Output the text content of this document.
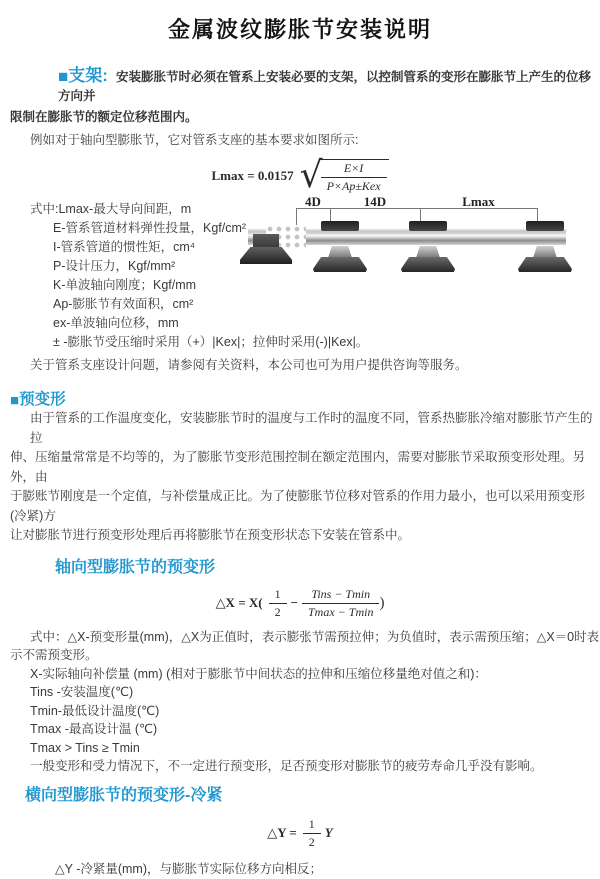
金属波纹膨胀节安装说明
■支架: 安装膨胀节时必须在管系上安装必要的支架，以控制管系的变形在膨胀节上产生的位移方向并
限制在膨胀节的额定位移范围内。
例如对于轴向型膨胀节，它对管系支座的基本要求如图所示:
Lmax = 0.0157 √
$\frac{E\times I}{\text{P×Ap±Kex}}$
式中:Lmax-最大导向间距，m
E-管系管道材料弹性投量，Kgf/cm²
I-管系管道的惯性矩，cm⁴
P-设计压力，Kgf/mm²
K-单波轴向刚度；Kgf/mm
Ap-膨胀节有效面积，cm²
ex-单波轴向位移，mm
± -膨胀节受压缩时采用（+）|Kex|；拉伸时采用(-)|Kex|。
关于管系支座设计问题，请参阅有关资料，本公司也可为用户提供咨询等服务。
4D	14D	Lmax
■预变形
由于管系的工作温度变化，安装膨胀节时的温度与工作时的温度不同，管系热膨胀冷缩对膨胀节产生的拉
伸、压缩量常常是不均等的，为了膨胀节变形范围控制在额定范围内，需要对膨胀节采取预变形处理。另外，由
于膨账节刚度是一个定值，与补偿量成正比。为了使膨胀节位移对管系的作用力最小，也可以采用预变形(冷紧)方
让对膨胀节进行预变形处理后再将膨胀节在预变形状态下安装在管系中。
轴向型膨胀节的预变形
△X = $X( \frac{1}{2} - \frac{\text{Tins − Tmin}}{Tmax - Tmin}$ )
式中：△X-预变形量(mm)，△X为正值时，表示膨张节需预拉伸；为负值时，表示需预压缩；△X＝0时表
示不需预变形。
X-实际轴向补偿量 (mm) (相对于膨胀节中间状态的拉伸和压缩位移量绝对值之和)：
Tins -安装温度(℃)
Tmin-最低设计温度(℃)
Tmax -最高设计温 (℃)
Tmax > Tins ≥ Tmin
一般变形和受力情况下，不一定进行预变形，足否预变形对膨胀节的疲劳寿命几乎没有影响。
横向型膨胀节的预变形-冷紧
△Y = $\frac{1}{2}$ Y
△Y -冷紧量(mm)，与膨胀节实际位移方向相反；
